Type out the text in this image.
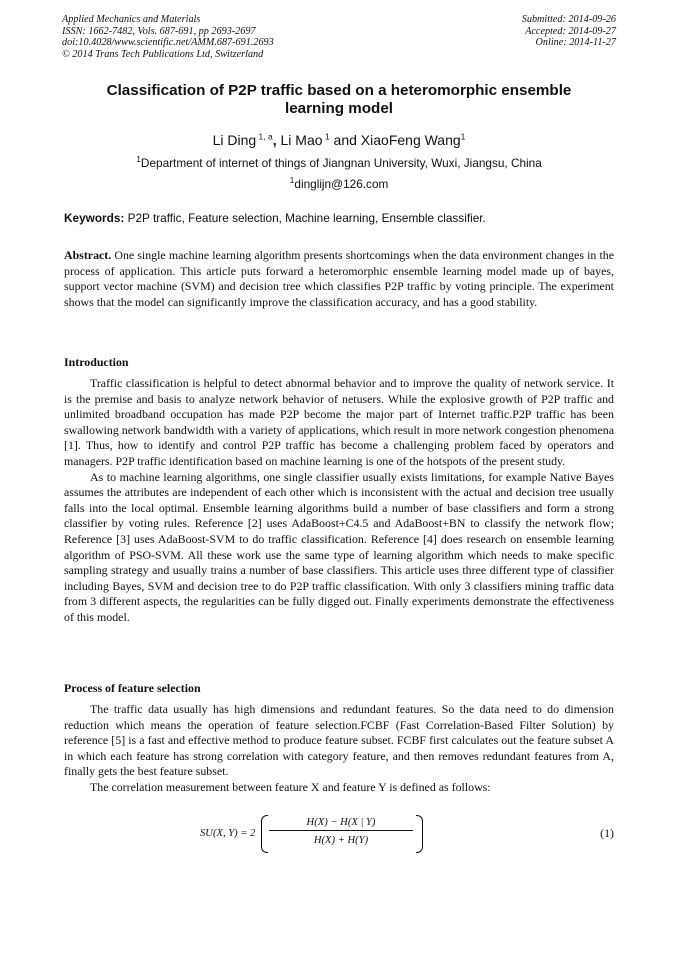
Applied Mechanics and Materials
ISSN: 1662-7482, Vols. 687-691, pp 2693-2697
doi:10.4028/www.scientific.net/AMM.687-691.2693
© 2014 Trans Tech Publications Ltd, Switzerland
Submitted: 2014-09-26
Accepted: 2014-09-27
Online: 2014-11-27
Classification of P2P traffic based on a heteromorphic ensemble
learning model
Li Ding $^{1, a}$, Li Mao $^1$ and XiaoFeng Wang$^1$
$^1$Department of internet of things of Jiangnan University, Wuxi, Jiangsu, China
$^1$dinglijn@126.com
Keywords: P2P traffic, Feature selection, Machine learning, Ensemble classifier.

Abstract. One single machine learning algorithm presents shortcomings when the data environment changes in the process of application. This article puts forward a heteromorphic ensemble learning model made up of bayes, support vector machine (SVM) and decision tree which classifies P2P traffic by voting principle. The experiment shows that the model can significantly improve the classification accuracy, and has a good stability.

Introduction

Traffic classification is helpful to detect abnormal behavior and to improve the quality of network service. It is the premise and basis to analyze network behavior of netusers. While the explosive growth of P2P traffic and unlimited broadband occupation has made P2P become the major part of Internet traffic.P2P traffic has been swallowing network bandwidth with a variety of applications, which result in more network congestion phenomena [1]. Thus, how to identify and control P2P traffic has become a challenging problem faced by operators and managers. P2P traffic identification based on machine learning is one of the hotspots of the present study.

As to machine learning algorithms, one single classifier usually exists limitations, for example Native Bayes assumes the attributes are independent of each other which is inconsistent with the actual and decision tree usually falls into the local optimal. Ensemble learning algorithms build a number of base classifiers and form a strong classifier by voting rules. Reference [2] uses AdaBoost+C4.5 and AdaBoost+BN to classify the network flow; Reference [3] uses AdaBoost-SVM to do traffic classification. Reference [4] does research on ensemble learning algorithm of PSO-SVM. All these work use the same type of learning algorithm which needs to make specific sampling strategy and usually trains a number of base classifiers. This article uses three different type of classifier including Bayes, SVM and decision tree to do P2P traffic classification. With only 3 classifiers mining traffic data from 3 different aspects, the regularities can be fully digged out. Finally experiments demonstrate the effectiveness of this model.

Process of feature selection

The traffic data usually has high dimensions and redundant features. So the data need to do dimension reduction which means the operation of feature selection.FCBF (Fast Correlation-Based Filter Solution) by reference [5] is a fast and effective method to produce feature subset. FCBF first calculates out the feature subset A in which each feature has strong correlation with category feature, and then removes redundant features from A, finally gets the best feature subset.

The correlation measurement between feature X and feature Y is defined as follows:

SU(X, $Y) = 2 \frac{H(X) - H(X | Y)}{H(X) + H(Y)}$	(1)
